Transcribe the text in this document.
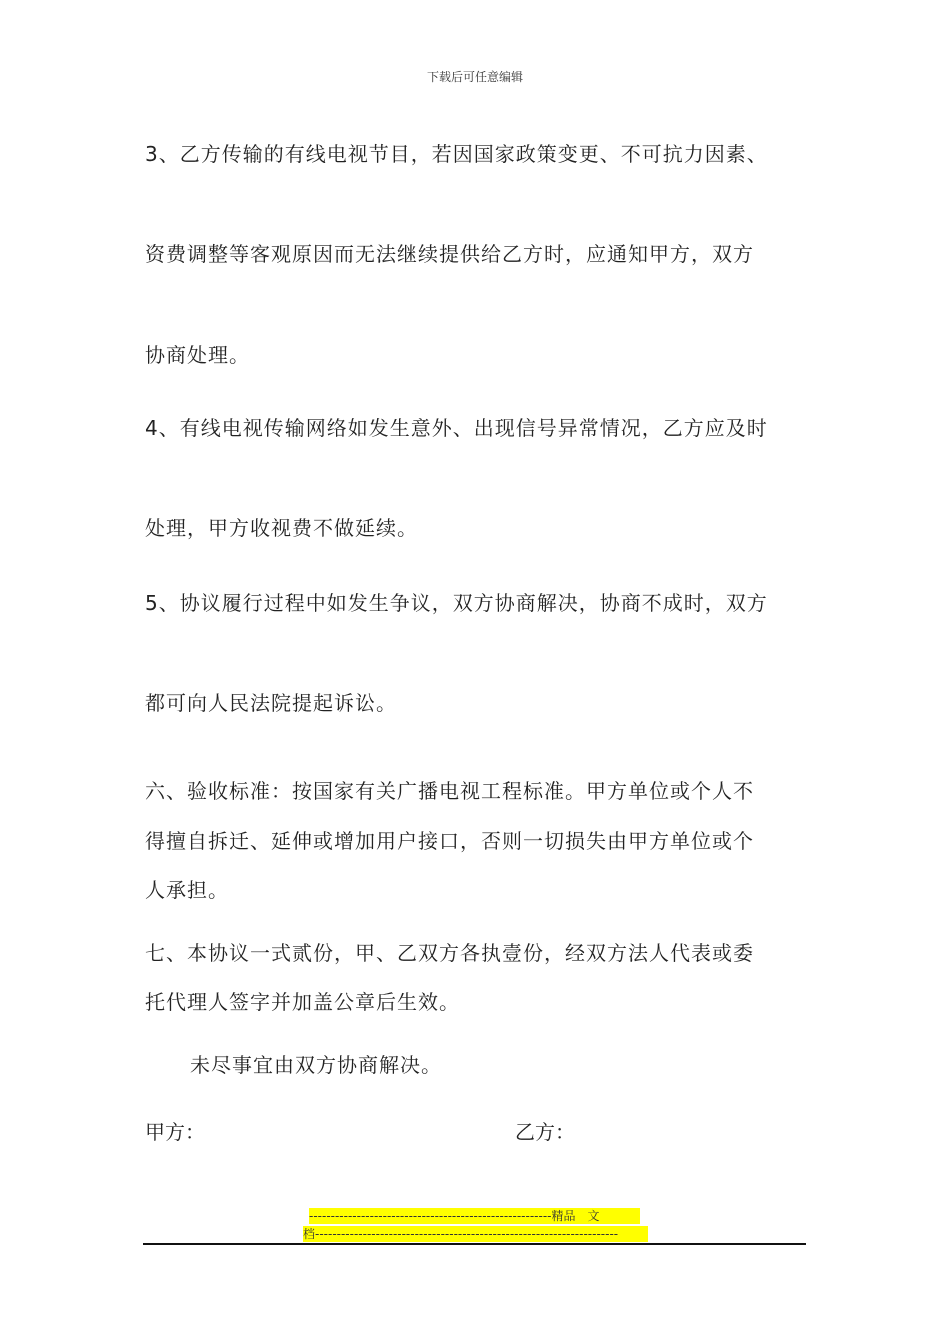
下载后可任意编辑
3、乙方传输的有线电视节目，若因国家政策变更、不可抗力因素、
资费调整等客观原因而无法继续提供给乙方时，应通知甲方，双方
协商处理。
4、有线电视传输网络如发生意外、出现信号异常情况，乙方应及时
处理，甲方收视费不做延续。
5、协议履行过程中如发生争议，双方协商解决，协商不成时，双方
都可向人民法院提起诉讼。
六、验收标准：按国家有关广播电视工程标准。甲方单位或个人不
得擅自拆迁、延伸或增加用户接口，否则一切损失由甲方单位或个
人承担。
七、本协议一式贰份，甲、乙双方各执壹份，经双方法人代表或委
托代理人签字并加盖公章后生效。
未尽事宜由双方协商解决。
甲方：	乙方：
--------------------------------------------------------精品　文
档----------------------------------------------------------------------
